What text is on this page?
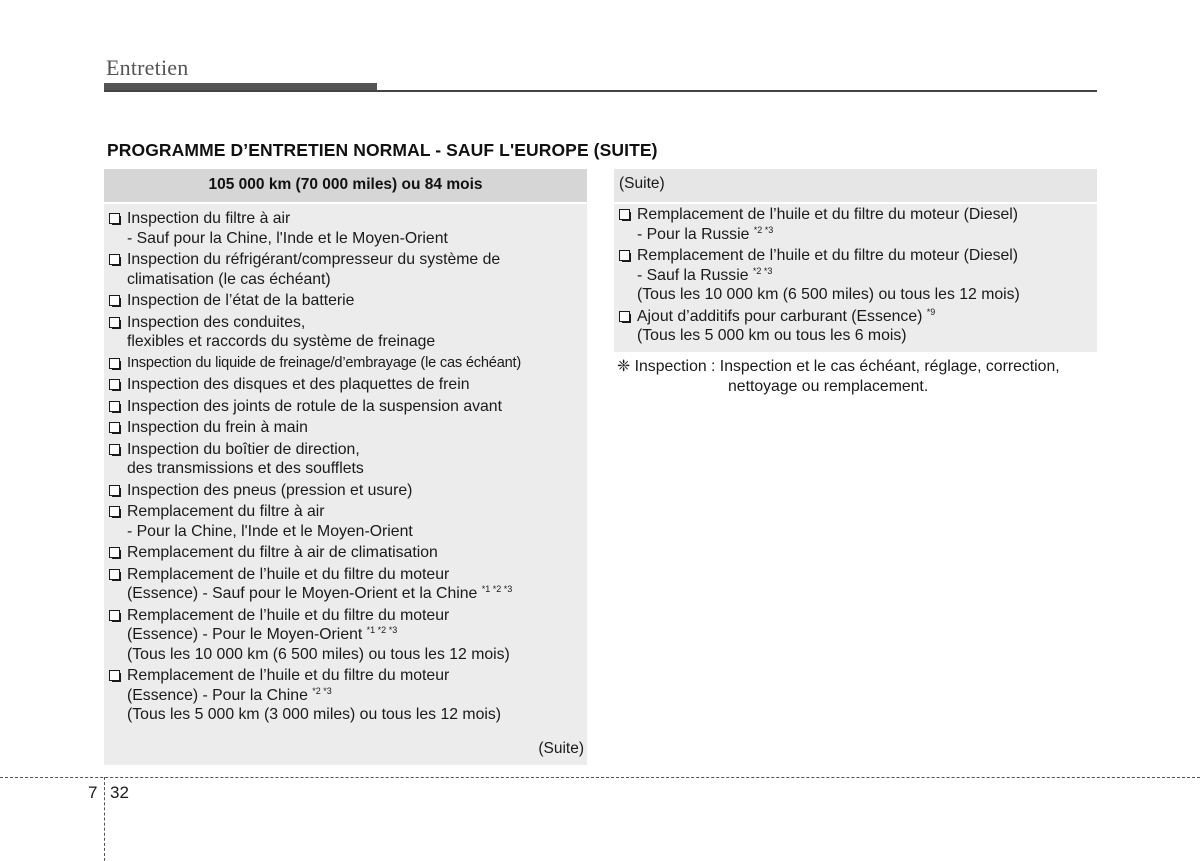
Entretien
PROGRAMME D’ENTRETIEN NORMAL - SAUF L'EUROPE (SUITE)
105 000 km (70 000 miles) ou 84 mois
Inspection du filtre à air
- Sauf pour la Chine, l'Inde et le Moyen-Orient
Inspection du réfrigérant/compresseur du système de
climatisation (le cas échéant)
Inspection de l’état de la batterie
Inspection des conduites,
flexibles et raccords du système de freinage
Inspection du liquide de freinage/d’embrayage (le cas échéant)
Inspection des disques et des plaquettes de frein
Inspection des joints de rotule de la suspension avant
Inspection du frein à main
Inspection du boîtier de direction,
des transmissions et des soufflets
Inspection des pneus (pression et usure)
Remplacement du filtre à air
- Pour la Chine, l'Inde et le Moyen-Orient
Remplacement du filtre à air de climatisation
Remplacement de l’huile et du filtre du moteur
(Essence) - Sauf pour le Moyen-Orient et la Chine $^{*1 *2 *3}$
Remplacement de l’huile et du filtre du moteur
(Essence) - Pour le Moyen-Orient $^{*1 *2 *3}$
(Tous les 10 000 km (6 500 miles) ou tous les 12 mois)
Remplacement de l’huile et du filtre du moteur
(Essence) - Pour la Chine $^{*2 *3}$
(Tous les 5 000 km (3 000 miles) ou tous les 12 mois)
(Suite)
(Suite)
Remplacement de l’huile et du filtre du moteur (Diesel)
- Pour la Russie $^{*2 *3}$
Remplacement de l’huile et du filtre du moteur (Diesel)
- Sauf la Russie $^{*2 *3}$
(Tous les 10 000 km (6 500 miles) ou tous les 12 mois)
Ajout d’additifs pour carburant (Essence) $^{*9}$
(Tous les 5 000 km ou tous les 6 mois)
❈ Inspection : Inspection et le cas échéant, réglage, correction,
nettoyage ou remplacement.
7 32
